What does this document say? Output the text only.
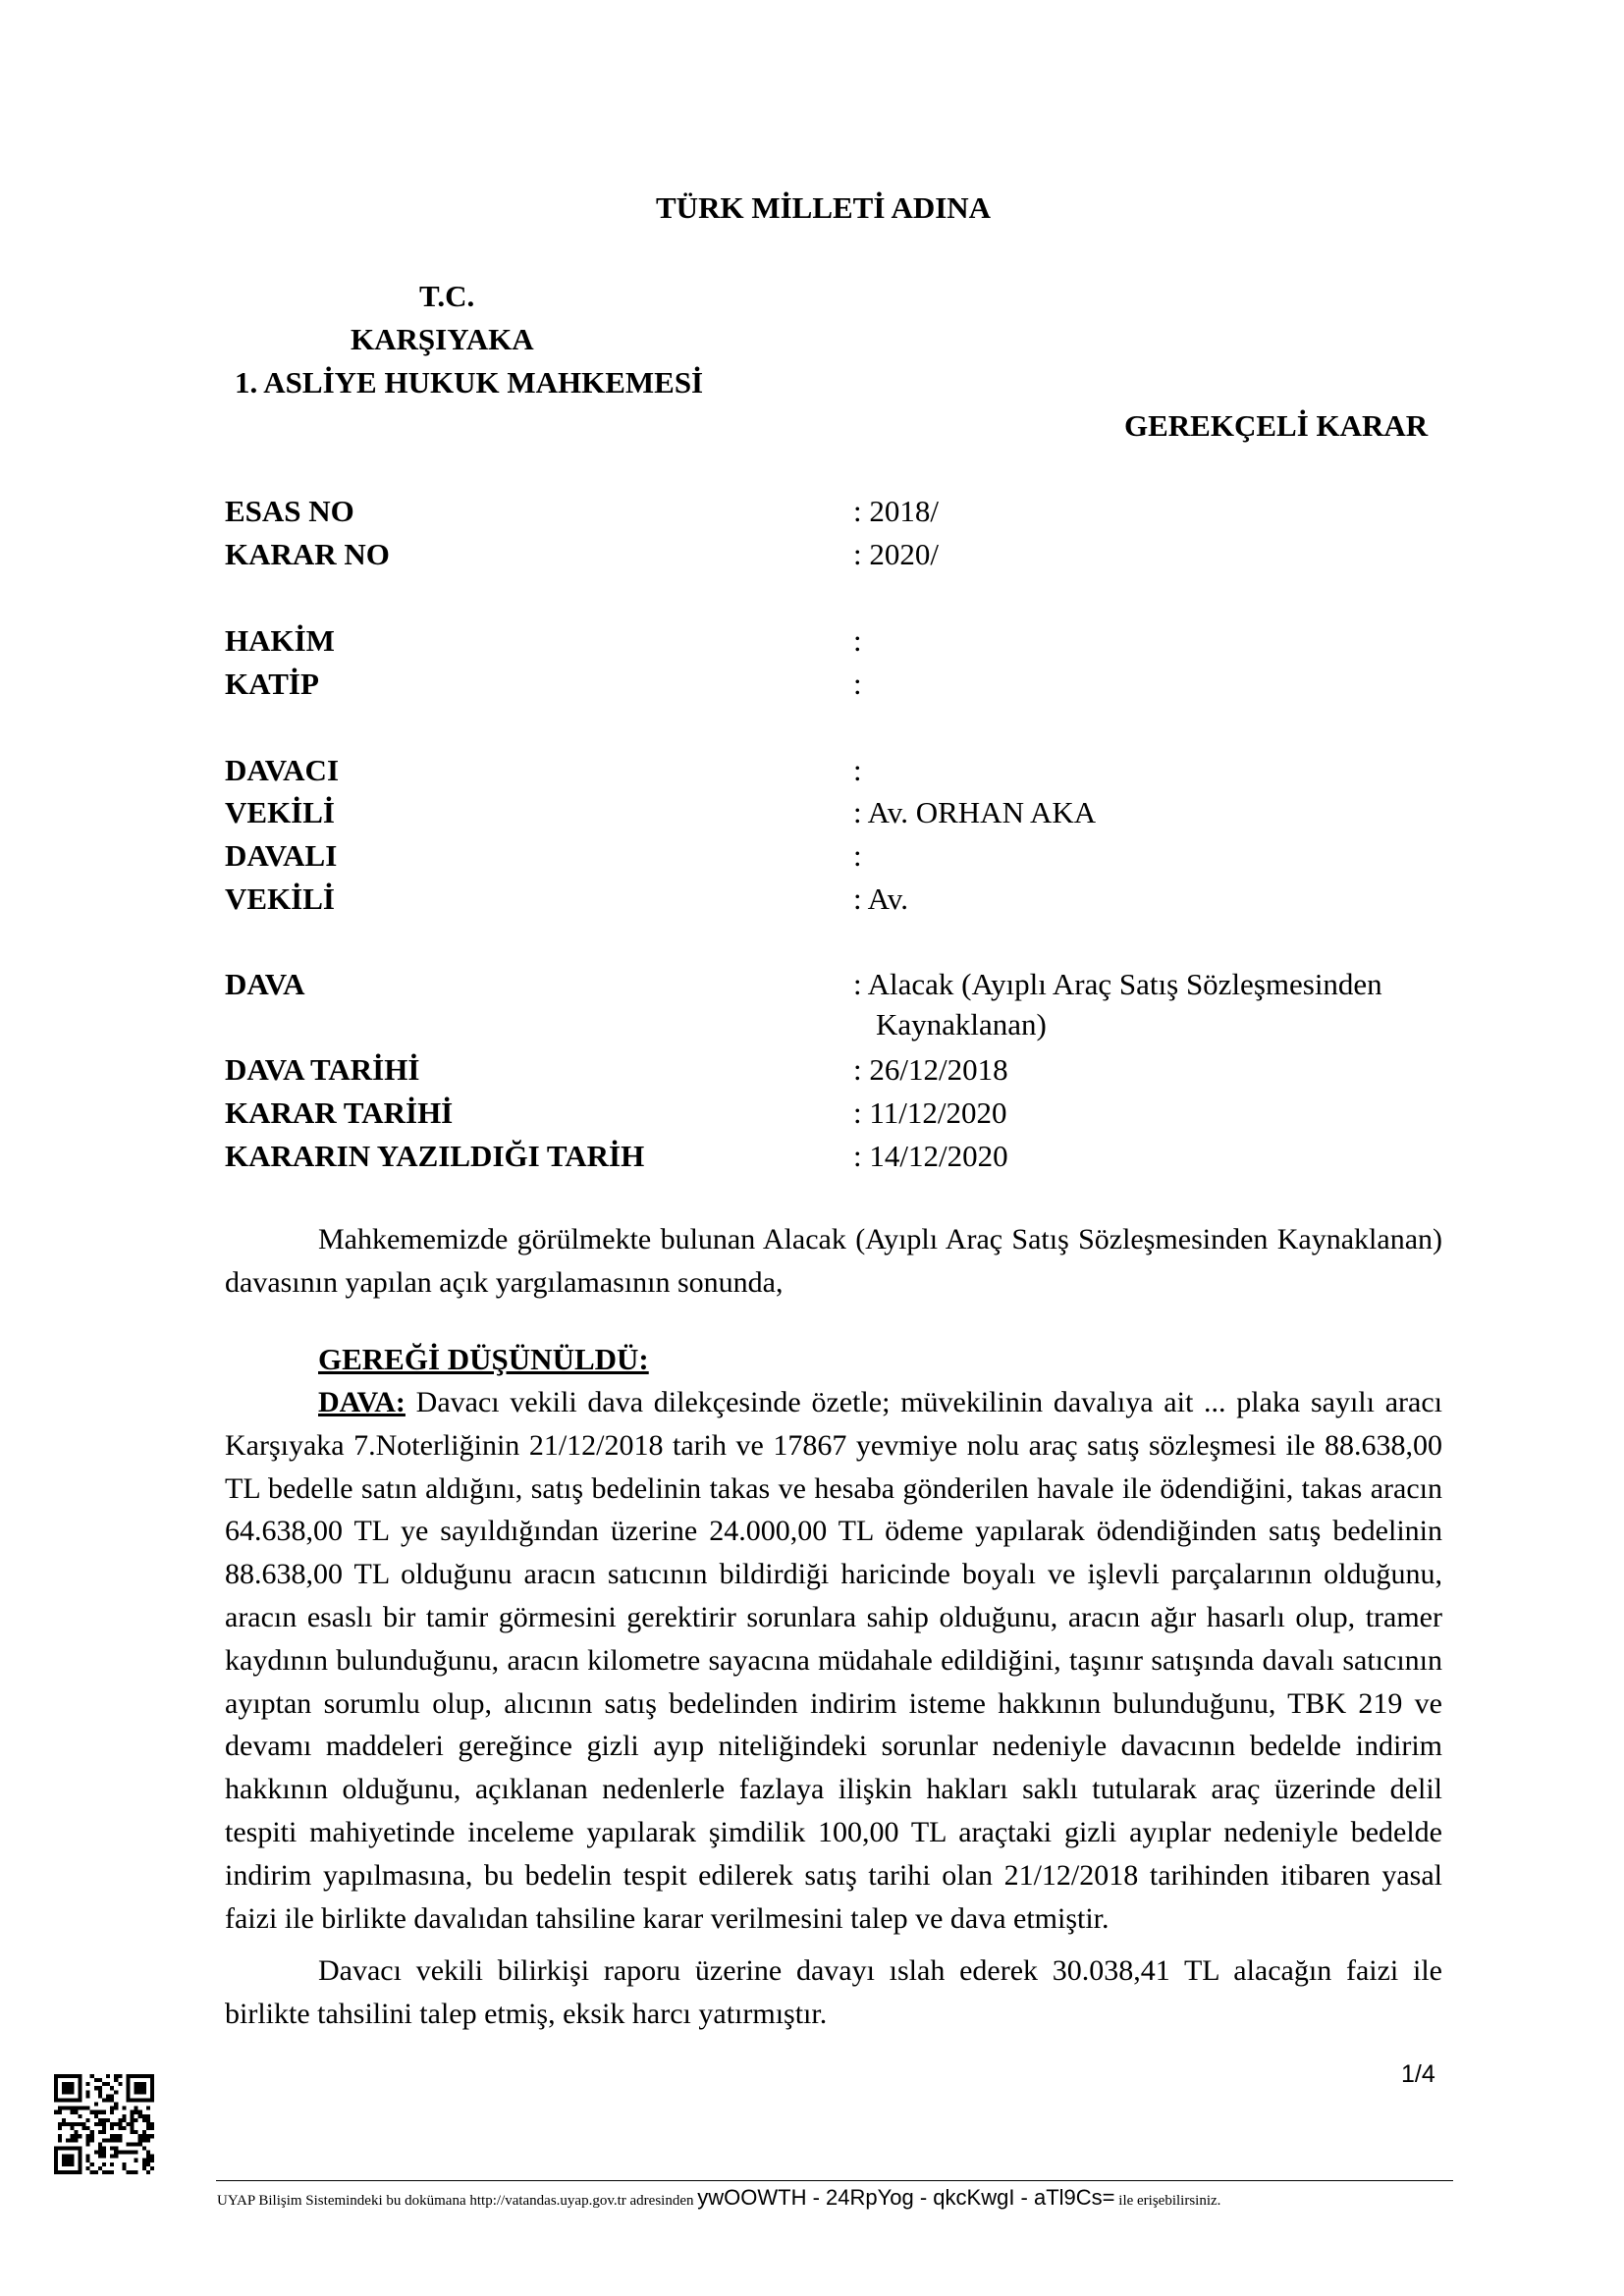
TÜRK MİLLETİ ADINA
T.C.
KARŞIYAKA
1. ASLİYE HUKUK MAHKEMESİ
GEREKÇELİ KARAR
ESAS NO	: 2018/
KARAR NO	: 2020/
HAKİM	:
KATİP	:
DAVACI	:
VEKİLİ	: Av. ORHAN AKA
DAVALI	:
VEKİLİ	: Av.
DAVA	: Alacak (Ayıplı Araç Satış Sözleşmesinden
Kaynaklanan)
DAVA TARİHİ	: 26/12/2018
KARAR TARİHİ	: 11/12/2020
KARARIN YAZILDIĞI TARİH	: 14/12/2020
Mahkememizde görülmekte bulunan Alacak (Ayıplı Araç Satış Sözleşmesinden Kaynaklanan) davasının yapılan açık yargılamasının sonunda,
GEREĞİ DÜŞÜNÜLDÜ:
DAVA: Davacı vekili dava dilekçesinde özetle; müvekilinin davalıya ait ... plaka sayılı aracı Karşıyaka 7.Noterliğinin 21/12/2018 tarih ve 17867 yevmiye nolu araç satış sözleşmesi ile 88.638,00 TL bedelle satın aldığını, satış bedelinin takas ve hesaba gönderilen havale ile ödendiğini, takas aracın 64.638,00 TL ye sayıldığından üzerine 24.000,00 TL ödeme yapılarak ödendiğinden satış bedelinin 88.638,00 TL olduğunu aracın satıcının bildirdiği haricinde boyalı ve işlevli parçalarının olduğunu, aracın esaslı bir tamir görmesini gerektirir sorunlara sahip olduğunu, aracın ağır hasarlı olup, tramer kaydının bulunduğunu, aracın kilometre sayacına müdahale edildiğini, taşınır satışında davalı satıcının ayıptan sorumlu olup, alıcının satış bedelinden indirim isteme hakkının bulunduğunu, TBK 219 ve devamı maddeleri gereğince gizli ayıp niteliğindeki sorunlar nedeniyle davacının bedelde indirim hakkının olduğunu, açıklanan nedenlerle fazlaya ilişkin hakları saklı tutularak araç üzerinde delil tespiti mahiyetinde inceleme yapılarak şimdilik 100,00 TL araçtaki gizli ayıplar nedeniyle bedelde indirim yapılmasına, bu bedelin tespit edilerek satış tarihi olan 21/12/2018 tarihinden itibaren yasal faizi ile birlikte davalıdan tahsiline karar verilmesini talep ve dava etmiştir.
Davacı vekili bilirkişi raporu üzerine davayı ıslah ederek 30.038,41 TL alacağın faizi ile birlikte tahsilini talep etmiş, eksik harcı yatırmıştır.
1/4
UYAP Bilişim Sistemindeki bu dokümana http://vatandas.uyap.gov.tr adresinden ywOOWTH - 24RpYog - qkcKwgI - aTl9Cs= ile erişebilirsiniz.
